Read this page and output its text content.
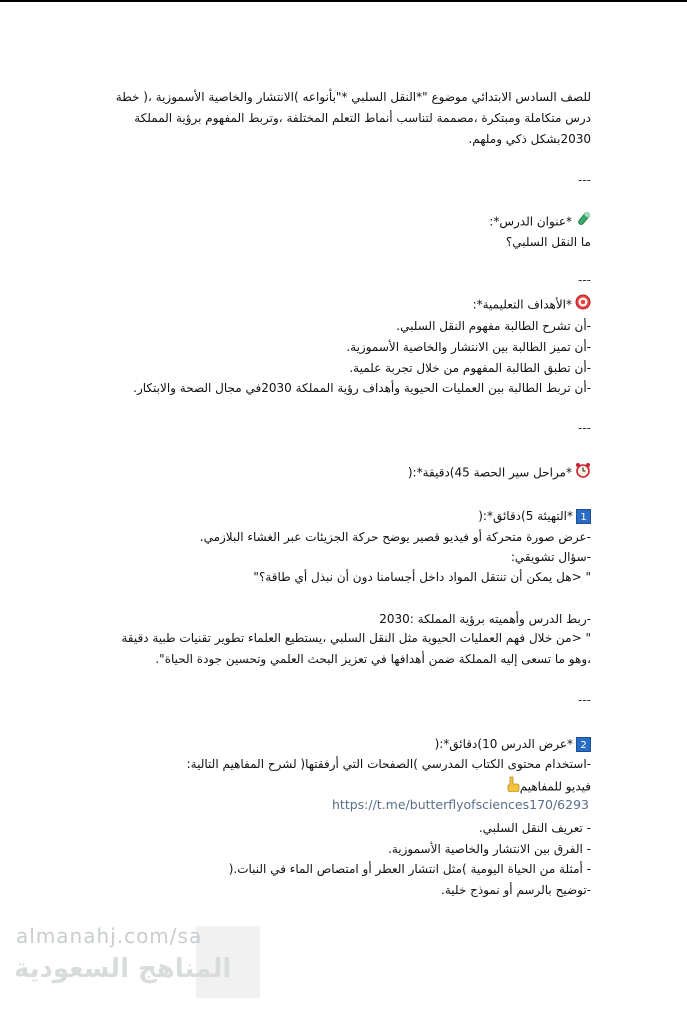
للصف السادس الابتدائي موضوع "*النقل السلبي *"بأنواعه )الانتشار والخاصية الأسموزية ،( خطة درس متكاملة ومبتكرة ،مصممة لتناسب أنماط التعلم المختلفة ،وتربط المفهوم برؤية المملكة 2030بشكل ذكي وملهم.
---
*عنوان الدرس*:
ما النقل السلبي؟
---
*الأهداف التعليمية*:
-أن تشرح الطالبة مفهوم النقل السلبي.
-أن تميز الطالبة بين الانتشار والخاصية الأسموزية.
-أن تطبق الطالبة المفهوم من خلال تجربة علمية.
-أن تربط الطالبة بين العمليات الحيوية وأهداف رؤية المملكة 2030في مجال الصحة والابتكار.
---
*مراحل سير الحصة 45)دقيقة*:(
1*التهيئة 5)دقائق*:(
-عرض صورة متحركة أو فيديو قصير يوضح حركة الجزيئات عبر الغشاء البلازمي.
-سؤال تشويقي:
" <هل يمكن أن تنتقل المواد داخل أجسامنا دون أن نبذل أي طاقة؟"
-ربط الدرس وأهميته برؤية المملكة :2030
" <من خلال فهم العمليات الحيوية مثل النقل السلبي ،يستطيع العلماء تطوير تقنيات طبية دقيقة ،وهو ما تسعى إليه المملكة ضمن أهدافها في تعزيز البحث العلمي وتحسين جودة الحياة".
---
2*عرض الدرس 10)دقائق*:(
-استخدام محتوى الكتاب المدرسي )الصفحات التي أرفقتها( لشرح المفاهيم التالية:
فيديو للمفاهيم
https://t.me/butterflyofsciences170/6293
- تعريف النقل السلبي.
- الفرق بين الانتشار والخاصية الأسموزية.
- أمثلة من الحياة اليومية )مثل انتشار العطر أو امتصاص الماء في النبات.(
-توضيح بالرسم أو نموذج خلية.
almanahj.com/sa
المناهج السعودية
